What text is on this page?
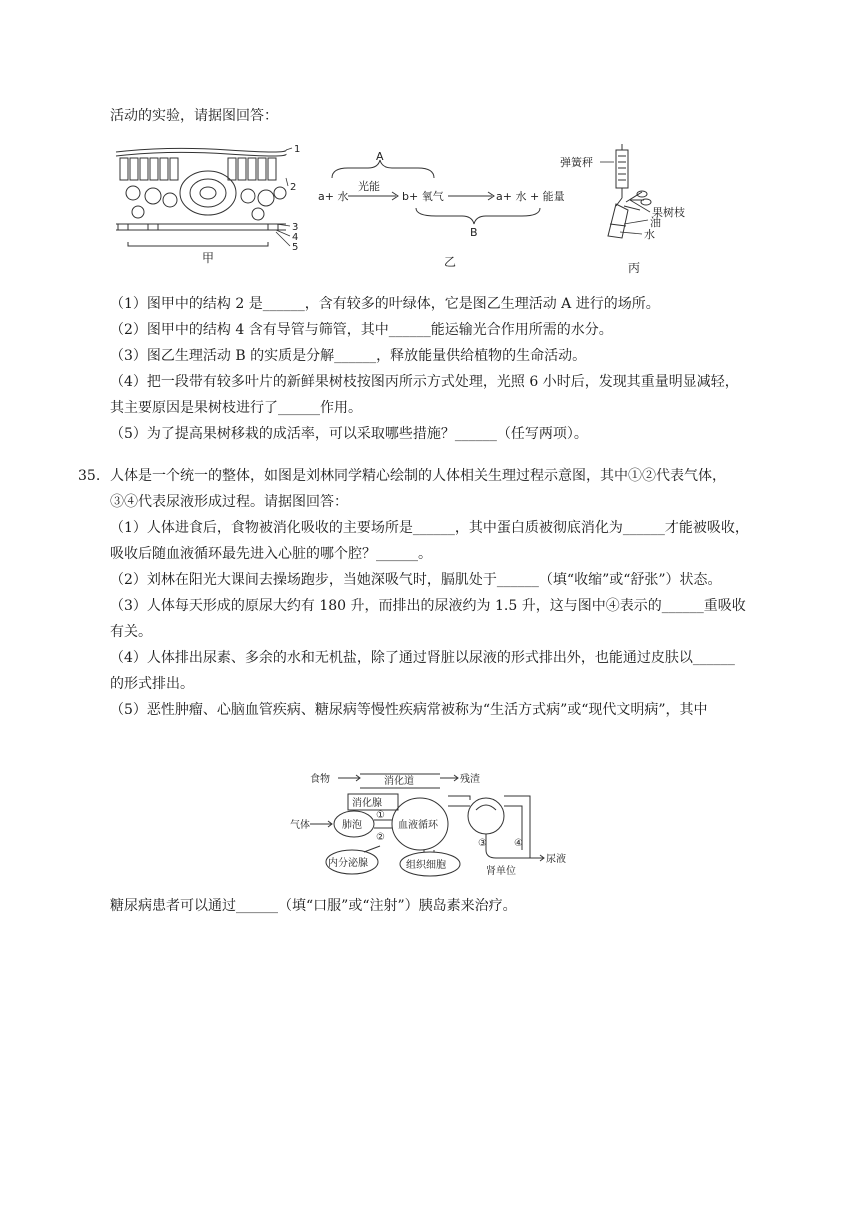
活动的实验，请据图回答：
1
2
3
4
5
甲
A
a+ 水
光能
b+ 氧气	a+ 水 + 能量
B
乙
弹簧秤
果树枝
油
水
丙
（1）图甲中的结构 2 是______，含有较多的叶绿体，它是图乙生理活动 A 进行的场所。
（2）图甲中的结构 4 含有导管与筛管，其中______能运输光合作用所需的水分。
（3）图乙生理活动 B 的实质是分解______，释放能量供给植物的生命活动。
（4）把一段带有较多叶片的新鲜果树枝按图丙所示方式处理，光照 6 小时后，发现其重量明显减轻，
其主要原因是果树枝进行了______作用。
（5）为了提高果树移栽的成活率，可以采取哪些措施？______（任写两项）。
35. 人体是一个统一的整体，如图是刘林同学精心绘制的人体相关生理过程示意图，其中①②代表气体，
③④代表尿液形成过程。请据图回答：
（1）人体进食后，食物被消化吸收的主要场所是______，其中蛋白质被彻底消化为______才能被吸收，
吸收后随血液循环最先进入心脏的哪个腔？______。
（2）刘林在阳光大课间去操场跑步，当她深吸气时，膈肌处于______（填“收缩”或“舒张”）状态。
（3）人体每天形成的原尿大约有 180 升，而排出的尿液约为 1.5 升，这与图中④表示的______重吸收
有关。
（4）人体排出尿素、多余的水和无机盐，除了通过肾脏以尿液的形式排出外，也能通过皮肤以______
的形式排出。
（5）恶性肿瘤、心脑血管疾病、糖尿病等慢性疾病常被称为“生活方式病”或“现代文明病”，其中
食物	消化道	残渣
消化腺
气体	肺泡
①
②
血液循环
内分泌腺	组织细胞
③	④
肾单位
尿液
糖尿病患者可以通过______（填“口服”或“注射”）胰岛素来治疗。
